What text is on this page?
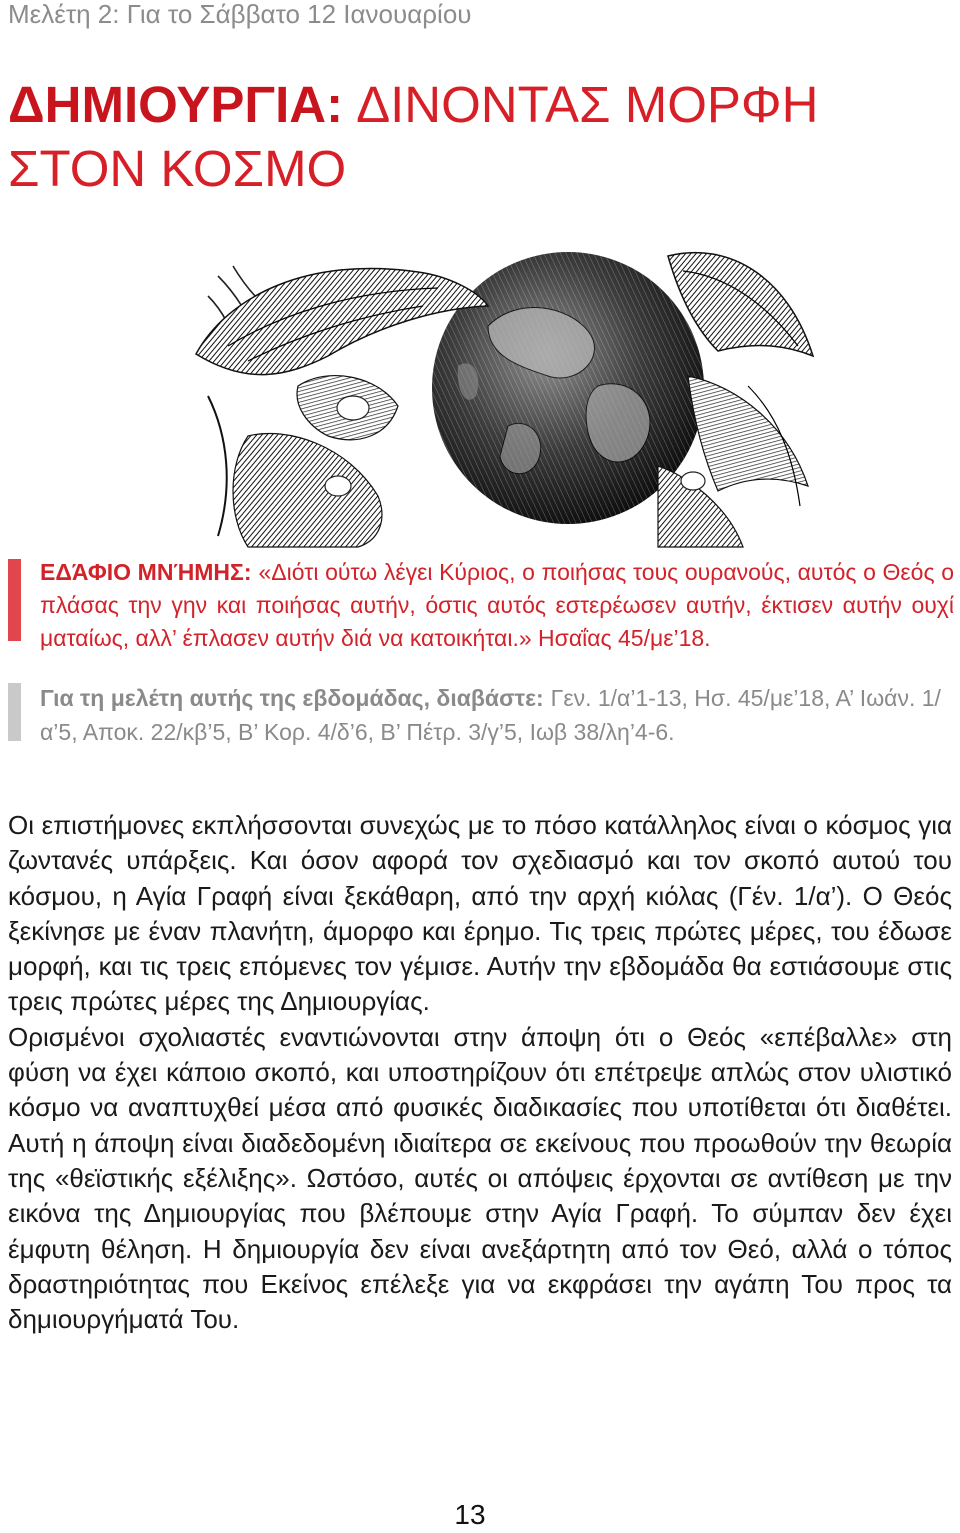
Μελέτη 2: Για το Σάββατο 12 Ιανουαρίου
ΔΗΜΙΟΥΡΓΙΑ: ΔΙΝΟΝΤΑΣ ΜΟΡΦΗ
ΣΤΟΝ ΚΟΣΜΟ
ΕΔΆΦΙΟ ΜΝΉΜΗΣ: «Διότι ούτω λέγει Κύριος, ο ποιήσας τους ουρανούς, αυτός ο Θεός ο πλάσας την γην και ποιήσας αυτήν, όστις αυτός εστερέωσεν αυτήν, έκτισεν αυτήν ουχί ματαίως, αλλ’ έπλασεν αυτήν διά να κατοικήται.» Ησαΐας 45/με’18.
Για τη μελέτη αυτής της εβδομάδας, διαβάστε: Γεν. 1/α’1-13, Ησ. 45/με’18, Α’ Ιωάν. 1/α’5, Αποκ. 22/κβ’5, Β’ Κορ. 4/δ’6, Β’ Πέτρ. 3/γ’5, Ιωβ 38/λη’4-6.

Οι επιστήμονες εκπλήσσονται συνεχώς με το πόσο κατάλληλος είναι ο κόσμος για ζωντανές υπάρξεις. Και όσον αφορά τον σχεδιασμό και τον σκοπό αυτού του κόσμου, η Αγία Γραφή είναι ξεκάθαρη, από την αρχή κιόλας (Γέν. 1/α’). Ο Θεός ξεκίνησε με έναν πλανήτη, άμορφο και έρημο. Τις τρεις πρώτες μέρες, του έδωσε μορφή, και τις τρεις επόμενες τον γέμισε. Αυτήν την εβδομάδα θα εστιάσουμε στις τρεις πρώτες μέρες της Δημιουργίας.

Ορισμένοι σχολιαστές εναντιώνονται στην άποψη ότι ο Θεός «επέβαλλε» στη φύση να έχει κάποιο σκοπό, και υποστηρίζουν ότι επέτρεψε απλώς στον υλιστικό κόσμο να αναπτυχθεί μέσα από φυσικές διαδικασίες που υποτίθεται ότι διαθέτει. Αυτή η άποψη είναι διαδεδομένη ιδιαίτερα σε εκείνους που προωθούν την θεωρία της «θεϊστικής εξέλιξης». Ωστόσο, αυτές οι απόψεις έρχονται σε αντίθεση με την εικόνα της Δημιουργίας που βλέπουμε στην Αγία Γραφή. Το σύμπαν δεν έχει έμφυτη θέληση. Η δημιουργία δεν είναι ανεξάρτητη από τον Θεό, αλλά ο τόπος δραστηριότητας που Εκείνος επέλεξε για να εκφράσει την αγάπη Του προς τα δημιουργήματά Του.

13
